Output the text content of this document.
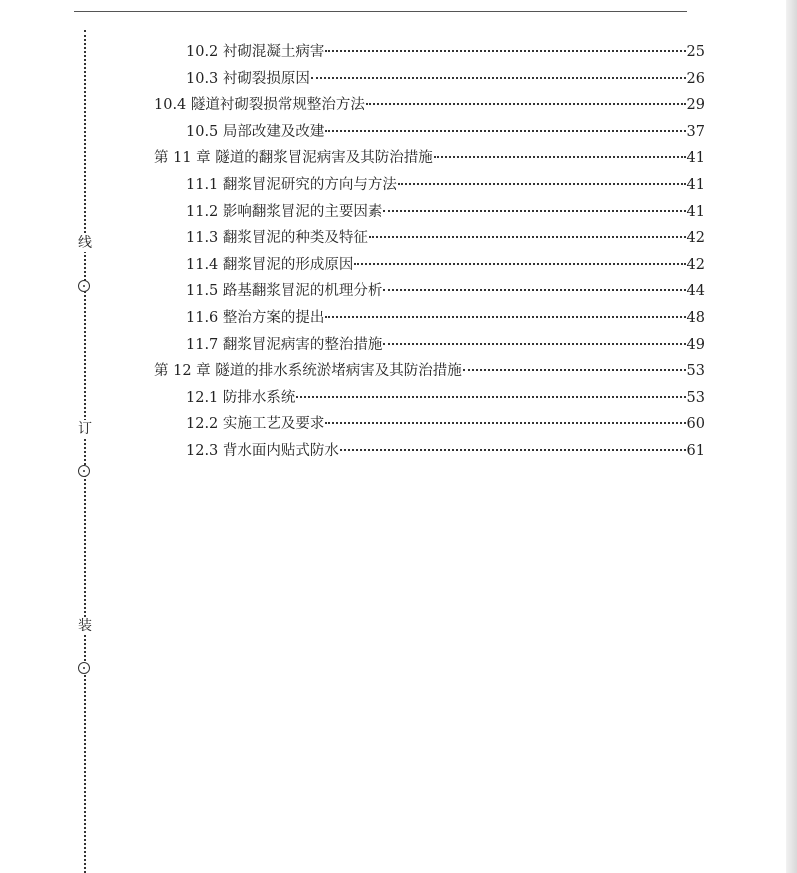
线
订
装
10.2 衬砌混凝土病害	25
10.3 衬砌裂损原因	26
10.4 隧道衬砌裂损常规整治方法	29
10.5 局部改建及改建	37
第 11 章 隧道的翻浆冒泥病害及其防治措施	41
11.1 翻浆冒泥研究的方向与方法	41
11.2 影响翻浆冒泥的主要因素	41
11.3 翻浆冒泥的种类及特征	42
11.4 翻浆冒泥的形成原因	42
11.5 路基翻浆冒泥的机理分析	44
11.6 整治方案的提出	48
11.7 翻浆冒泥病害的整治措施	49
第 12 章 隧道的排水系统淤堵病害及其防治措施	53
12.1 防排水系统	53
12.2 实施工艺及要求	60
12.3 背水面内贴式防水	61
